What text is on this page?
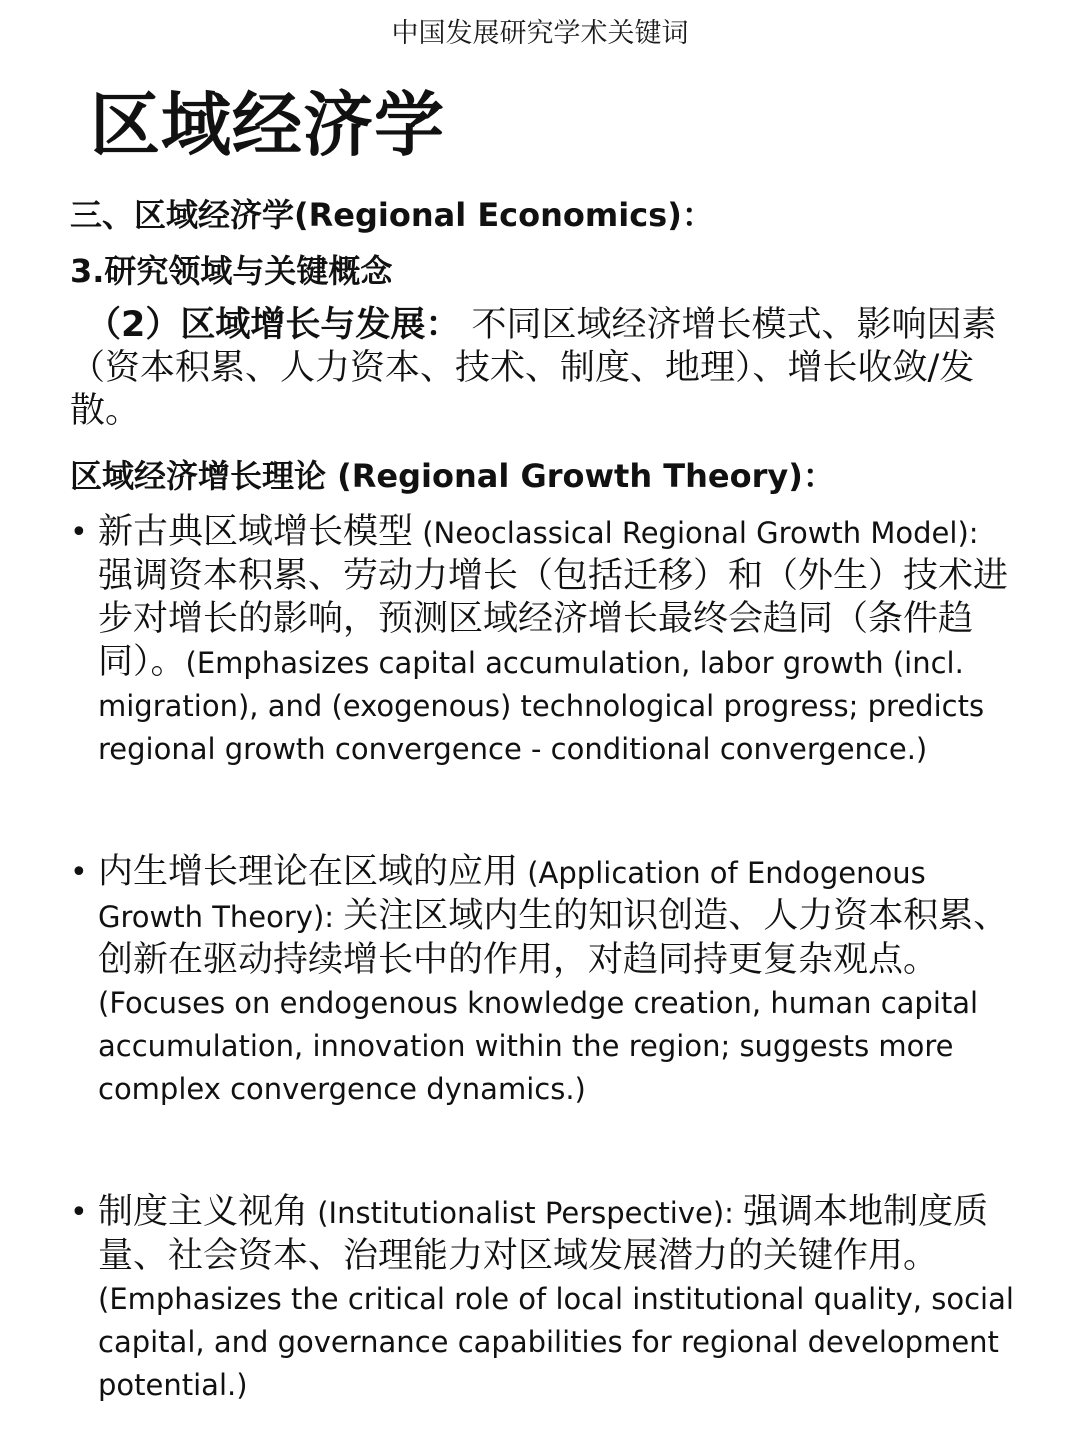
中国发展研究学术关键词
区域经济学

三、区域经济学(Regional Economics)：

3.研究领域与关键概念

（2）区域增长与发展： 不同区域经济增长模式、影响因素（资本积累、人力资本、技术、制度、地理）、增长收敛/发散。

区域经济增长理论 (Regional Growth Theory)：

• 新古典区域增长模型 (Neoclassical Regional Growth Model): 强调资本积累、劳动力增长（包括迁移）和（外生）技术进步对增长的影响，预测区域经济增长最终会趋同（条件趋同）。(Emphasizes capital accumulation, labor growth (incl. migration), and (exogenous) technological progress; predicts regional growth convergence - conditional convergence.)
• 内生增长理论在区域的应用 (Application of Endogenous Growth Theory): 关注区域内生的知识创造、人力资本积累、创新在驱动持续增长中的作用，对趋同持更复杂观点。(Focuses on endogenous knowledge creation, human capital accumulation, innovation within the region; suggests more complex convergence dynamics.)
• 制度主义视角 (Institutionalist Perspective): 强调本地制度质量、社会资本、治理能力对区域发展潜力的关键作用。(Emphasizes the critical role of local institutional quality, social capital, and governance capabilities for regional development potential.)
